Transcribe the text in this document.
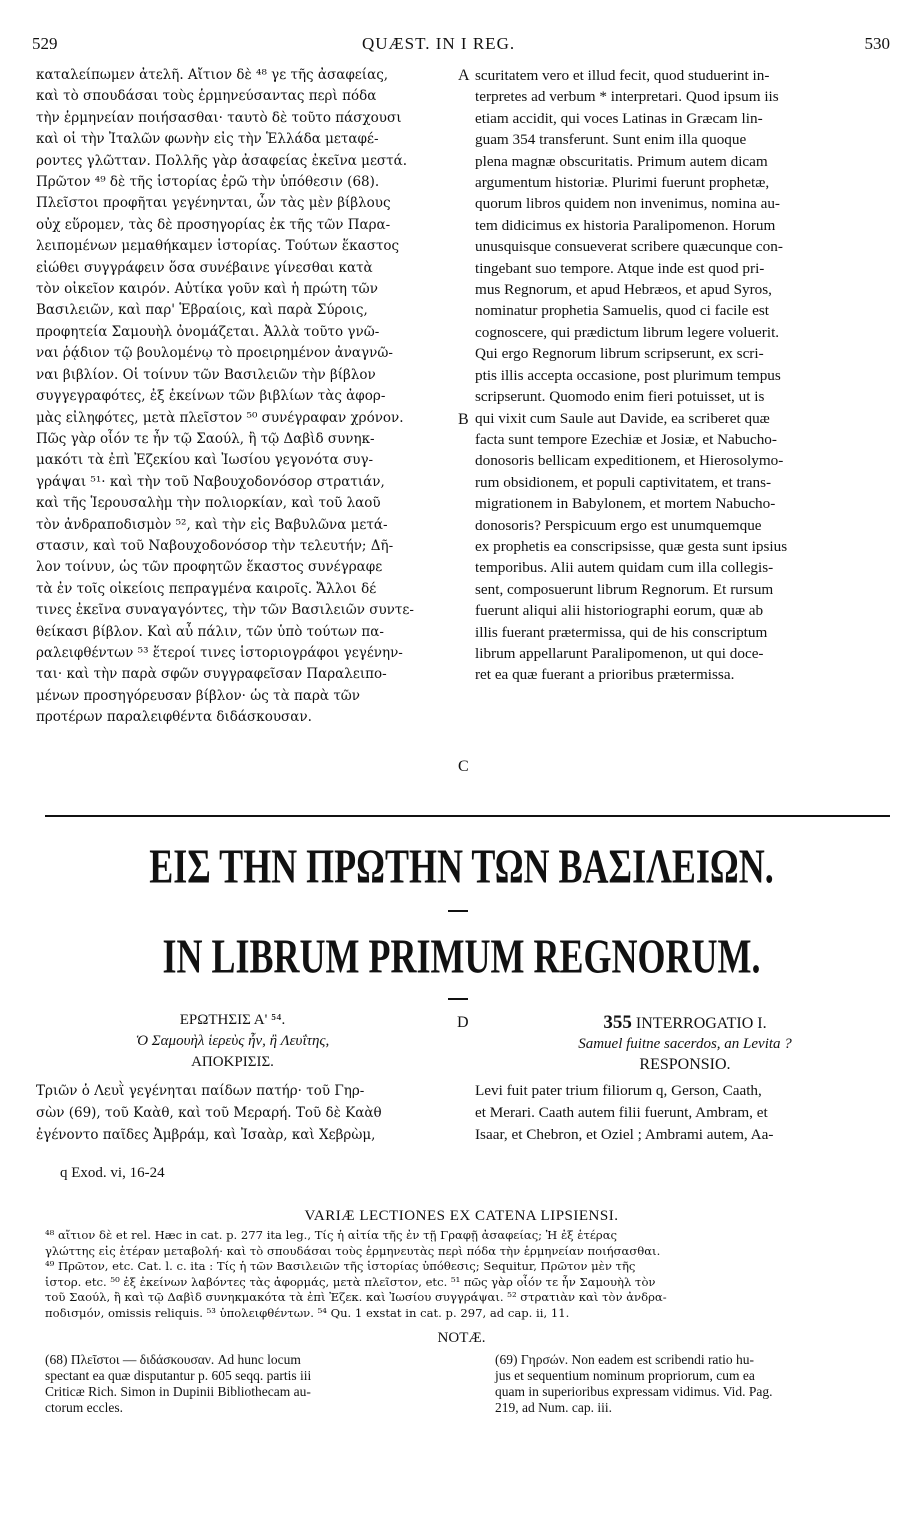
529	QUÆST. IN I REG.	530
καταλείπωμεν ἀτελῆ. Αἴτιον δὲ ⁴⁸ γε τῆς ἀσαφείας,
καὶ τὸ σπουδάσαι τοὺς ἑρμηνεύσαντας περὶ πόδα
τὴν ἑρμηνείαν ποιήσασθαι· ταυτὸ δὲ τοῦτο πάσχουσι
καὶ οἱ τὴν Ἰταλῶν φωνὴν εἰς τὴν Ἑλλάδα μεταφέ-
ροντες γλῶτταν. Πολλῆς γὰρ ἀσαφείας ἐκεῖνα μεστά.
Πρῶτον ⁴⁹ δὲ τῆς ἱστορίας ἐρῶ τὴν ὑπόθεσιν (68).
Πλεῖστοι προφῆται γεγένηνται, ὧν τὰς μὲν βίβλους
οὐχ εὕρομεν, τὰς δὲ προσηγορίας ἐκ τῆς τῶν Παρα-
λειπομένων μεμαθήκαμεν ἱστορίας. Τούτων ἕκαστος
εἰώθει συγγράφειν ὅσα συνέβαινε γίνεσθαι κατὰ
τὸν οἰκεῖον καιρόν. Αὐτίκα γοῦν καὶ ἡ πρώτη τῶν
Βασιλειῶν, καὶ παρ' Ἑβραίοις, καὶ παρὰ Σύροις,
προφητεία Σαμουὴλ ὀνομάζεται. Ἀλλὰ τοῦτο γνῶ-
ναι ῥᾴδιον τῷ βουλομένῳ τὸ προειρημένον ἀναγνῶ-
ναι βιβλίον. Οἱ τοίνυν τῶν Βασιλειῶν τὴν βίβλον
συγγεγραφότες, ἐξ ἐκείνων τῶν βιβλίων τὰς ἀφορ-
μὰς εἰληφότες, μετὰ πλεῖστον ⁵⁰ συνέγραφαν χρόνον.
Πῶς γὰρ οἷόν τε ἦν τῷ Σαούλ, ἢ τῷ Δαβὶδ συνηκ-
μακότι τὰ ἐπὶ Ἐζεκίου καὶ Ἰωσίου γεγονότα συγ-
γράψαι ⁵¹· καὶ τὴν τοῦ Ναβουχοδονόσορ στρατιάν,
καὶ τῆς Ἱερουσαλὴμ τὴν πολιορκίαν, καὶ τοῦ λαοῦ
τὸν ἀνδραποδισμὸν ⁵², καὶ τὴν εἰς Βαβυλῶνα μετά-
στασιν, καὶ τοῦ Ναβουχοδονόσορ τὴν τελευτήν; Δῆ-
λον τοίνυν, ὡς τῶν προφητῶν ἕκαστος συνέγραφε
τὰ ἐν τοῖς οἰκείοις πεπραγμένα καιροῖς. Ἄλλοι δέ
τινες ἐκεῖνα συναγαγόντες, τὴν τῶν Βασιλειῶν συντε-
θείκασι βίβλον. Καὶ αὖ πάλιν, τῶν ὑπὸ τούτων πα-
ραλειφθέντων ⁵³ ἕτεροί τινες ἱστοριογράφοι γεγένην-
ται· καὶ τὴν παρὰ σφῶν συγγραφεῖσαν Παραλειπο-
μένων προσηγόρευσαν βίβλον· ὡς τὰ παρὰ τῶν
προτέρων παραλειφθέντα διδάσκουσαν.
scuritatem vero et illud fecit, quod studuerint in-
terpretes ad verbum * interpretari. Quod ipsum iis
etiam accidit, qui voces Latinas in Græcam lin-
guam 354 transferunt. Sunt enim illa quoque
plena magnæ obscuritatis. Primum autem dicam
argumentum historiæ. Plurimi fuerunt prophetæ,
quorum libros quidem non invenimus, nomina au-
tem didicimus ex historia Paralipomenon. Horum
unusquisque consueverat scribere quæcunque con-
tingebant suo tempore. Atque inde est quod pri-
mus Regnorum, et apud Hebræos, et apud Syros,
nominatur prophetia Samuelis, quod ci facile est
cognoscere, qui prædictum librum legere voluerit.
Qui ergo Regnorum librum scripserunt, ex scri-
ptis illis accepta occasione, post plurimum tempus
scripserunt. Quomodo enim fieri potuisset, ut is
qui vixit cum Saule aut Davide, ea scriberet quæ
facta sunt tempore Ezechiæ et Josiæ, et Nabucho-
donosoris bellicam expeditionem, et Hierosolymo-
rum obsidionem, et populi captivitatem, et trans-
migrationem in Babylonem, et mortem Nabucho-
donosoris? Perspicuum ergo est unumquemque
ex prophetis ea conscripsisse, quæ gesta sunt ipsius
temporibus. Alii autem quidam cum illa collegis-
sent, composuerunt librum Regnorum. Et rursum
fuerunt aliqui alii historiographi eorum, quæ ab
illis fuerant prætermissa, qui de his conscriptum
librum appellarunt Paralipomenon, ut qui doce-
ret ea quæ fuerant a prioribus prætermissa.
A
B
C
ΕΙΣ ΤΗΝ ΠΡΩΤΗΝ ΤΩΝ ΒΑΣΙΛΕΙΩΝ.
IN LIBRUM PRIMUM REGNORUM.
ΕΡΩΤΗΣΙΣ Α' ⁵⁴.
Ὁ Σαμουὴλ ἱερεὺς ἦν, ἢ Λευΐτης,
ΑΠΟΚΡΙΣΙΣ.
D
Τριῶν ὁ Λευῒ γεγένηται παίδων πατήρ· τοῦ Γηρ-
σὼν (69), τοῦ Καὰθ, καὶ τοῦ Μεραρή. Τοῦ δὲ Καὰθ
ἐγένοντο παῖδες Ἀμβράμ, καὶ Ἰσαὰρ, καὶ Χεβρὼμ,
q Exod. vi, 16-24
355 INTERROGATIO I.
Samuel fuitne sacerdos, an Levita ?
RESPONSIO.
Levi fuit pater trium filiorum q, Gerson, Caath,
et Merari. Caath autem filii fuerunt, Ambram, et
Isaar, et Chebron, et Oziel ; Ambrami autem, Aa-
VARIÆ LECTIONES EX CATENA LIPSIENSI.
⁴⁸ αἴτιον δὲ et rel. Hæc in cat. p. 277 ita leg., Τίς ἡ αἰτία τῆς ἐν τῇ Γραφῇ ἀσαφείας; Ἡ ἐξ ἑτέρας
γλώττης εἰς ἑτέραν μεταβολή· καὶ τὸ σπουδάσαι τοὺς ἑρμηνευτὰς περὶ πόδα τὴν ἑρμηνείαν ποιήσασθαι.
⁴⁹ Πρῶτον, etc. Cat. l. c. ita : Τίς ἡ τῶν Βασιλειῶν τῆς ἱστορίας ὑπόθεσις; Sequitur, Πρῶτον μὲν τῆς
ἱστορ. etc. ⁵⁰ ἐξ ἐκείνων λαβόντες τὰς ἀφορμάς, μετὰ πλεῖστον, etc. ⁵¹ πῶς γὰρ οἷόν τε ἦν Σαμουὴλ τὸν
τοῦ Σαούλ, ἢ καὶ τῷ Δαβὶδ συνηκμακότα τὰ ἐπὶ Ἐζεκ. καὶ Ἰωσίου συγγράψαι. ⁵² στρατιὰν καὶ τὸν ἀνδρα-
ποδισμόν, omissis reliquis. ⁵³ ὑπολειφθέντων. ⁵⁴ Qu. 1 exstat in cat. p. 297, ad cap. ii, 11.
NOTÆ.
(68) Πλεῖστοι — διδάσκουσαν. Ad hunc locum
spectant ea quæ disputantur p. 605 seqq. partis iii
Criticæ Rich. Simon in Dupinii Bibliothecam au-
ctorum eccles.
(69) Γηρσών. Non eadem est scribendi ratio hu-
jus et sequentium nominum propriorum, cum ea
quam in superioribus expressam vidimus. Vid. Pag.
219, ad Num. cap. iii.
